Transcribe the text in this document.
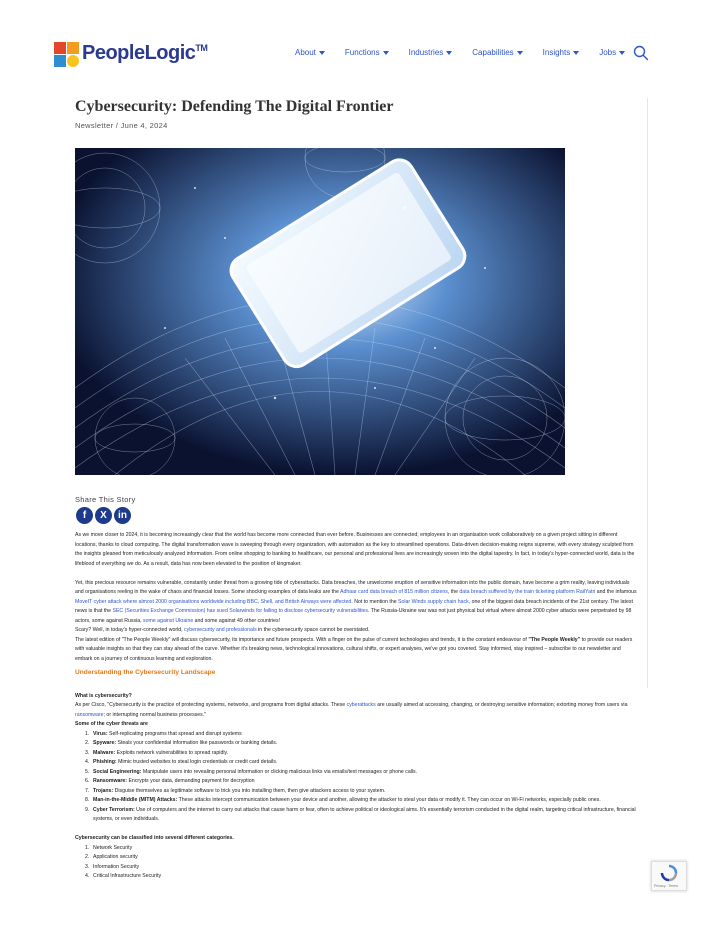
PeopleLogic™	About	Functions	Industries	Capabilities	Insights	Jobs
Cybersecurity: Defending The Digital Frontier
Newsletter / June 4, 2024
Share This Story
f	X	in

As we move closer to 2024, it is becoming increasingly clear that the world has become more connected than ever before. Businesses are connected; employees in an organisation work collaboratively on a given project sitting in different locations, thanks to cloud computing. The digital transformation wave is sweeping through every organization, with automation as the key to streamlined operations. Data-driven decision-making reigns supreme, with every strategy sculpted from the insights gleaned from meticulously analyzed information. From online shopping to banking to healthcare, our personal and professional lives are increasingly woven into the digital tapestry. In fact, in today's hyper-connected world, data is the lifeblood of everything we do. As a result, data has now been elevated to the position of kingmaker.

Yet, this precious resource remains vulnerable, constantly under threat from a growing tide of cyberattacks. Data breaches, the unwelcome eruption of sensitive information into the public domain, have become a grim reality, leaving individuals and organisations reeling in the wake of chaos and financial losses. Some shocking examples of data leaks are the Adhaar card data breach of 815 million citizens, the data breach suffered by the train ticketing platform RailYatri and the infamous MoveIT cyber attack where almost 2000 organisations worldwide including BBC, Shell, and British Airways were affected. Not to mention the Solar Winds supply chain hack, one of the biggest data breach incidents of the 21st century. The latest news is that the SEC (Securities Exchange Commission) has sued Solarwinds for failing to disclose cybersecurity vulnerabilities. The Russia-Ukraine war was not just physical but virtual where almost 2000 cyber attacks were perpetrated by 98 actors, some against Russia, some against Ukraine and some against 49 other countries!

Scary? Well, in today's hyper-connected world, cybersecurity and professionals in the cybersecurity space cannot be overstated.

The latest edition of "The People Weekly" will discuss cybersecurity, its importance and future prospects. With a finger on the pulse of current technologies and trends, it is the constant endeavour of "The People Weekly" to provide our readers with valuable insights so that they can stay ahead of the curve. Whether it's breaking news, technological innovations, cultural shifts, or expert analyses, we've got you covered. Stay informed, stay inspired – subscribe to our newsletter and embark on a journey of continuous learning and exploration.

Understanding the Cybersecurity Landscape

What is cybersecurity?

As per Cisco, "Cybersecurity is the practice of protecting systems, networks, and programs from digital attacks. These cyberattacks are usually aimed at accessing, changing, or destroying sensitive information; extorting money from users via ransomware; or interrupting normal business processes."

Some of the cyber threats are

1. Virus: Self-replicating programs that spread and disrupt systems
2. Spyware: Steals your confidential information like passwords or banking details.
3. Malware: Exploits network vulnerabilities to spread rapidly.
4. Phishing: Mimic trusted websites to steal login credentials or credit card details.
5. Social Engineering: Manipulate users into revealing personal information or clicking malicious links via emails/text messages or phone calls.
6. Ransomware: Encrypts your data, demanding payment for decryption
7. Trojans: Disguise themselves as legitimate software to trick you into installing them, then give attackers access to your system.
8. Man-in-the-Middle (MITM) Attacks: These attacks intercept communication between your device and another, allowing the attacker to steal your data or modify it. They can occur on Wi-Fi networks, especially public ones.
9. Cyber Terrorism: Use of computers and the internet to carry out attacks that cause harm or fear, often to achieve political or ideological aims. It's essentially terrorism conducted in the digital realm, targeting critical infrastructure, financial systems, or even individuals.

Cybersecurity can be classified into several different categories.

1. Network Security
2. Application security
3. Information Security
4. Critical Infrastructure Security
Privacy - Terms
